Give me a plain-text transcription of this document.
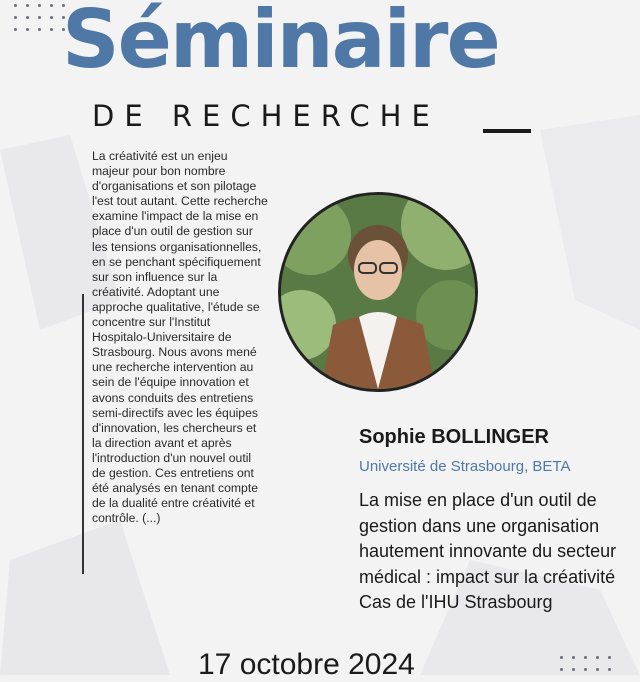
Séminaire
DE RECHERCHE
La créativité est un enjeu majeur pour bon nombre d'organisations et son pilotage l'est tout autant. Cette recherche examine l'impact de la mise en place d'un outil de gestion sur les tensions organisationnelles, en se penchant spécifiquement sur son influence sur la créativité. Adoptant une approche qualitative, l'étude se concentre sur l'Institut Hospitalo-Universitaire de Strasbourg. Nous avons mené une recherche intervention au sein de l'équipe innovation et avons conduits des entretiens semi-directifs avec les équipes d'innovation, les chercheurs et la direction avant et après l'introduction d'un nouvel outil de gestion. Ces entretiens ont été analysés en tenant compte de la dualité entre créativité et contrôle. (...)
Sophie BOLLINGER
Université de Strasbourg, BETA
La mise en place d'un outil de gestion dans une organisation hautement innovante du secteur médical : impact sur la créativité
Cas de l'IHU Strasbourg
17 octobre 2024
